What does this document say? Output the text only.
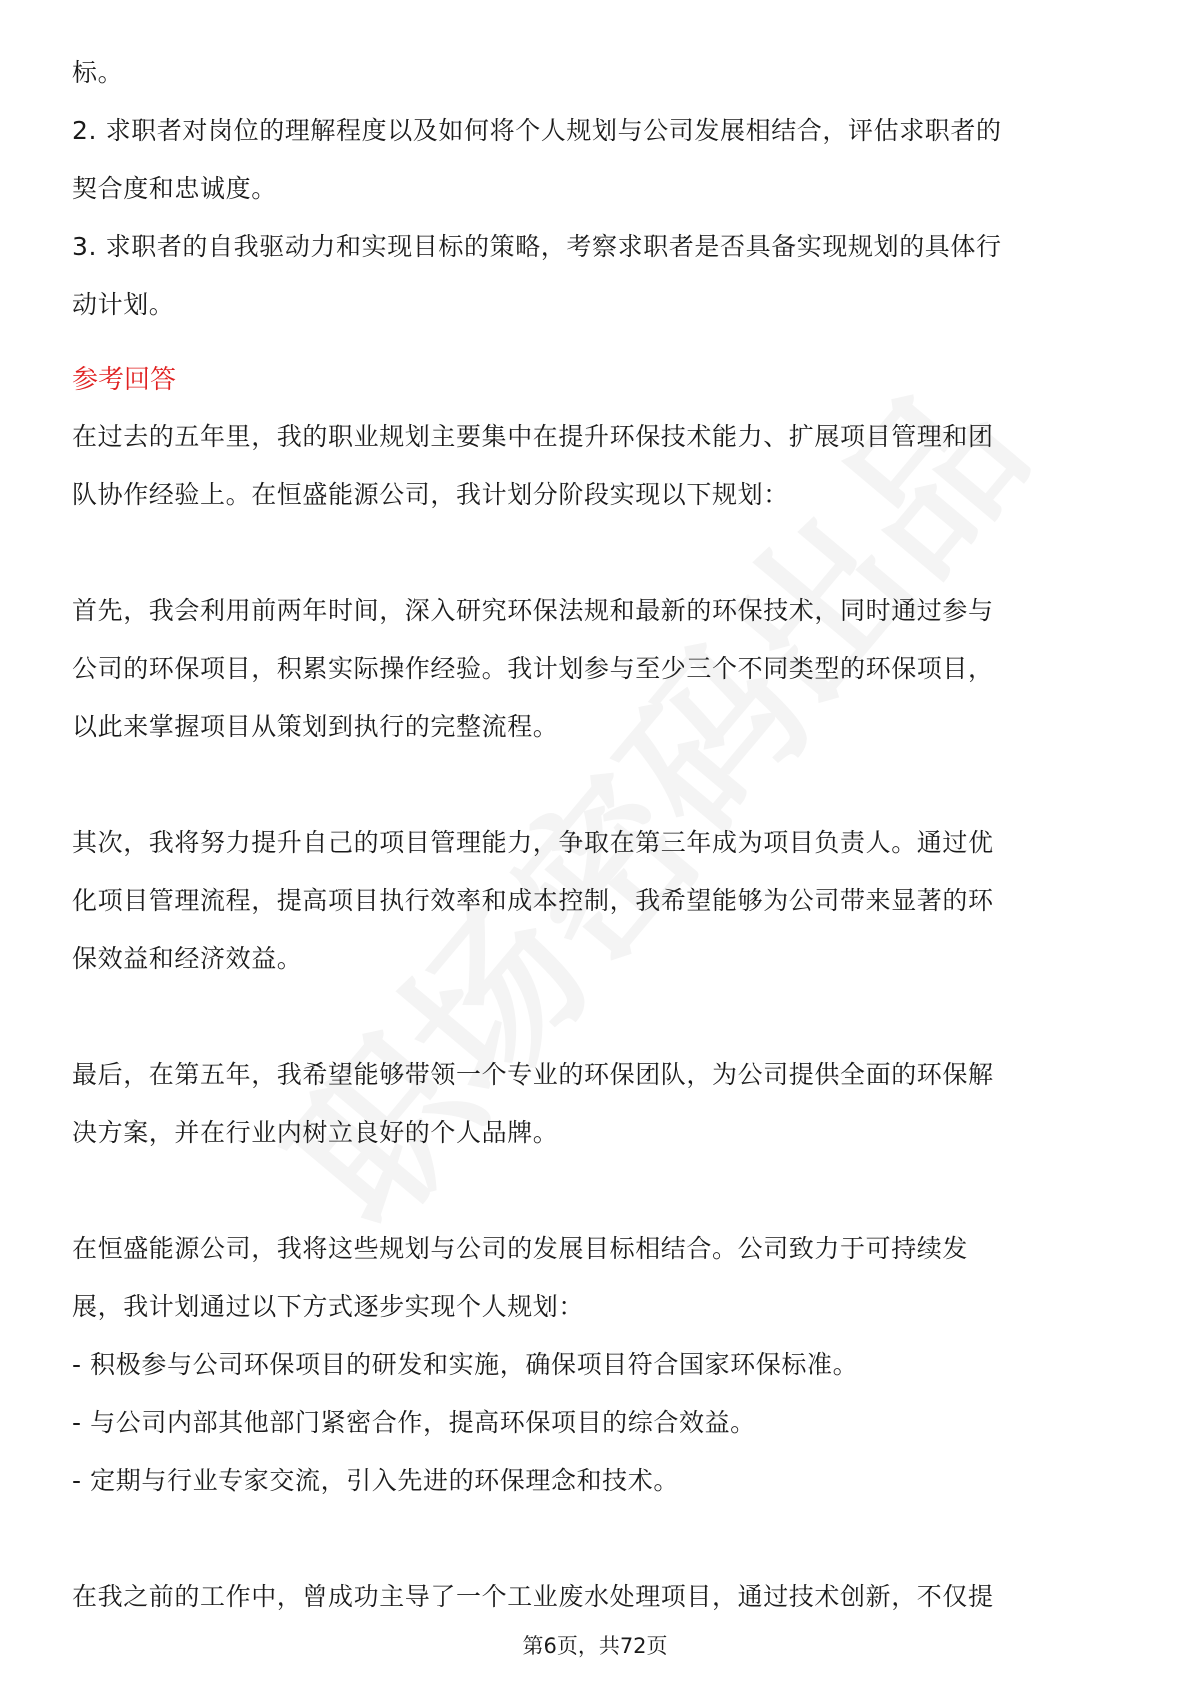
标。
2. 求职者对岗位的理解程度以及如何将个人规划与公司发展相结合，评估求职者的
契合度和忠诚度。
3. 求职者的自我驱动力和实现目标的策略，考察求职者是否具备实现规划的具体行
动计划。
参考回答
在过去的五年里，我的职业规划主要集中在提升环保技术能力、扩展项目管理和团
队协作经验上。在恒盛能源公司，我计划分阶段实现以下规划：
首先，我会利用前两年时间，深入研究环保法规和最新的环保技术，同时通过参与
公司的环保项目，积累实际操作经验。我计划参与至少三个不同类型的环保项目，
以此来掌握项目从策划到执行的完整流程。
其次，我将努力提升自己的项目管理能力，争取在第三年成为项目负责人。通过优
化项目管理流程，提高项目执行效率和成本控制，我希望能够为公司带来显著的环
保效益和经济效益。
最后，在第五年，我希望能够带领一个专业的环保团队，为公司提供全面的环保解
决方案，并在行业内树立良好的个人品牌。
在恒盛能源公司，我将这些规划与公司的发展目标相结合。公司致力于可持续发
展，我计划通过以下方式逐步实现个人规划：
- 积极参与公司环保项目的研发和实施，确保项目符合国家环保标准。
- 与公司内部其他部门紧密合作，提高环保项目的综合效益。
- 定期与行业专家交流，引入先进的环保理念和技术。
在我之前的工作中，曾成功主导了一个工业废水处理项目，通过技术创新，不仅提
第6页，共72页
